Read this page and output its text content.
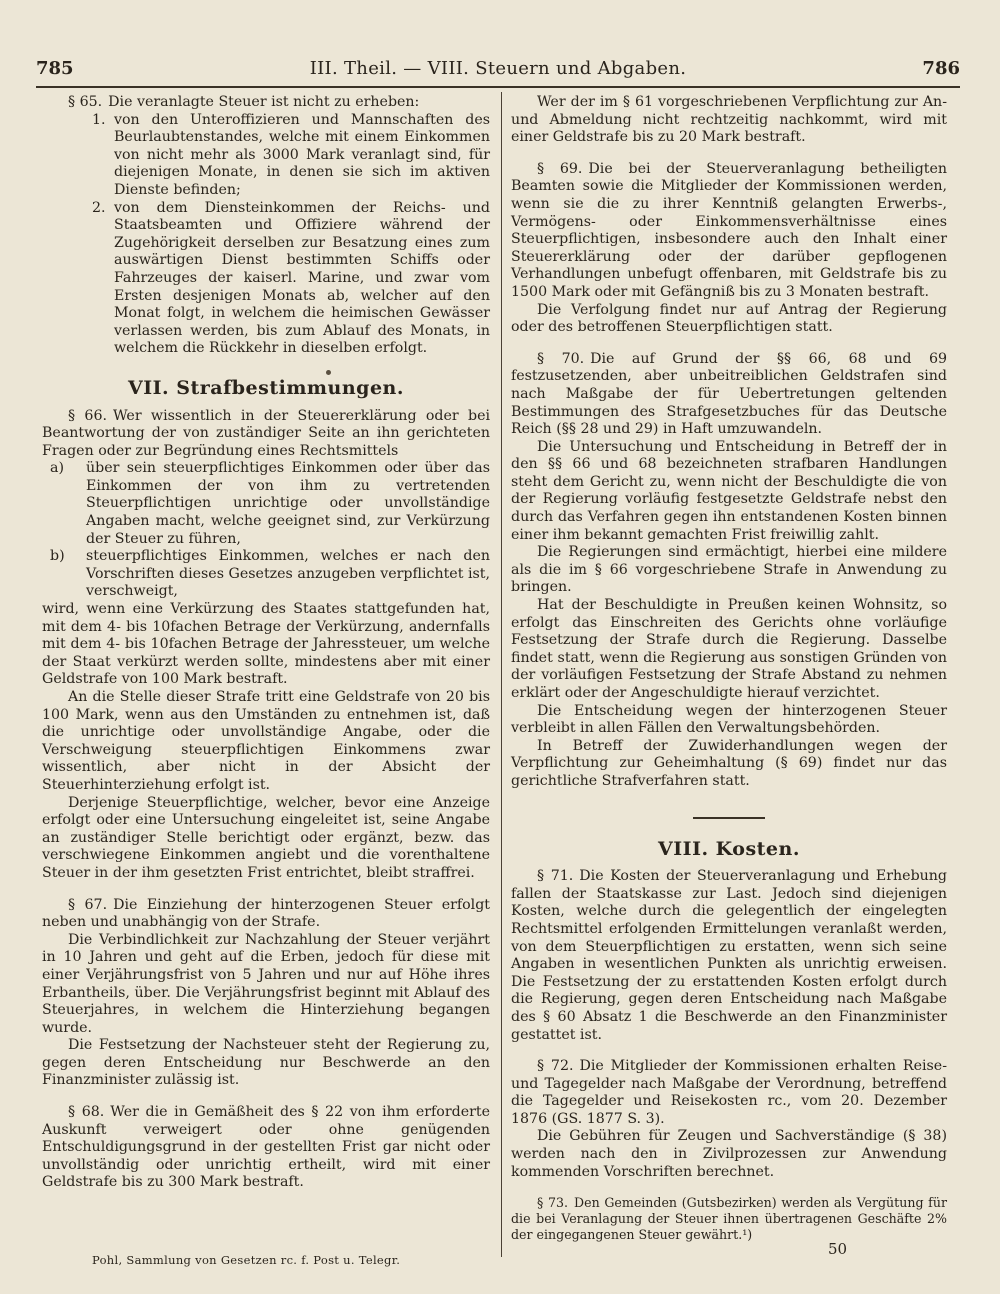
785	III. Theil. — VIII. Steuern und Abgaben.	786

§ 65. Die veranlagte Steuer ist nicht zu erheben:

1. von den Unteroffizieren und Mannschaften des Beurlaubtenstandes, welche mit einem Einkommen von nicht mehr als 3000 Mark veranlagt sind, für diejenigen Monate, in denen sie sich im aktiven Dienste befinden;
2. von dem Diensteinkommen der Reichs- und Staatsbeamten und Offiziere während der Zugehörigkeit derselben zur Besatzung eines zum auswärtigen Dienst bestimmten Schiffs oder Fahrzeuges der kaiserl. Marine, und zwar vom Ersten desjenigen Monats ab, welcher auf den Monat folgt, in welchem die heimischen Gewässer verlassen werden, bis zum Ablauf des Monats, in welchem die Rückkehr in dieselben erfolgt.
VII. Strafbestimmungen.

§ 66. Wer wissentlich in der Steuererklärung oder bei Beantwortung der von zuständiger Seite an ihn gerichteten Fragen oder zur Begründung eines Rechtsmittels

a)	über sein steuerpflichtiges Einkommen oder über das Einkommen der von ihm zu vertretenden Steuerpflichtigen unrichtige oder unvollständige Angaben macht, welche geeignet sind, zur Verkürzung der Steuer zu führen,
b)	steuerpflichtiges Einkommen, welches er nach den Vorschriften dieses Gesetzes anzugeben verpflichtet ist, verschweigt,

wird, wenn eine Verkürzung des Staates stattgefunden hat, mit dem 4- bis 10fachen Betrage der Verkürzung, andernfalls mit dem 4- bis 10fachen Betrage der Jahressteuer, um welche der Staat verkürzt werden sollte, mindestens aber mit einer Geldstrafe von 100 Mark bestraft.

An die Stelle dieser Strafe tritt eine Geldstrafe von 20 bis 100 Mark, wenn aus den Umständen zu entnehmen ist, daß die unrichtige oder unvollständige Angabe, oder die Verschweigung steuerpflichtigen Einkommens zwar wissentlich, aber nicht in der Absicht der Steuerhinterziehung erfolgt ist.

Derjenige Steuerpflichtige, welcher, bevor eine Anzeige erfolgt oder eine Untersuchung eingeleitet ist, seine Angabe an zuständiger Stelle berichtigt oder ergänzt, bezw. das verschwiegene Einkommen angiebt und die vorenthaltene Steuer in der ihm gesetzten Frist entrichtet, bleibt straffrei.

§ 67. Die Einziehung der hinterzogenen Steuer erfolgt neben und unabhängig von der Strafe.

Die Verbindlichkeit zur Nachzahlung der Steuer verjährt in 10 Jahren und geht auf die Erben, jedoch für diese mit einer Verjährungsfrist von 5 Jahren und nur auf Höhe ihres Erbantheils, über. Die Verjährungsfrist beginnt mit Ablauf des Steuerjahres, in welchem die Hinterziehung begangen wurde.

Die Festsetzung der Nachsteuer steht der Regierung zu, gegen deren Entscheidung nur Beschwerde an den Finanzminister zulässig ist.

§ 68. Wer die in Gemäßheit des § 22 von ihm erforderte Auskunft verweigert oder ohne genügenden Entschuldigungsgrund in der gestellten Frist gar nicht oder unvollständig oder unrichtig ertheilt, wird mit einer Geldstrafe bis zu 300 Mark bestraft.

Wer der im § 61 vorgeschriebenen Verpflichtung zur An- und Abmeldung nicht rechtzeitig nachkommt, wird mit einer Geldstrafe bis zu 20 Mark bestraft.

§ 69. Die bei der Steuerveranlagung betheiligten Beamten sowie die Mitglieder der Kommissionen werden, wenn sie die zu ihrer Kenntniß gelangten Erwerbs-, Vermögens- oder Einkommensverhältnisse eines Steuerpflichtigen, insbesondere auch den Inhalt einer Steuererklärung oder der darüber gepflogenen Verhandlungen unbefugt offenbaren, mit Geldstrafe bis zu 1500 Mark oder mit Gefängniß bis zu 3 Monaten bestraft.

Die Verfolgung findet nur auf Antrag der Regierung oder des betroffenen Steuerpflichtigen statt.

§ 70. Die auf Grund der §§ 66, 68 und 69 festzusetzenden, aber unbeitreiblichen Geldstrafen sind nach Maßgabe der für Uebertretungen geltenden Bestimmungen des Strafgesetzbuches für das Deutsche Reich (§§ 28 und 29) in Haft umzuwandeln.

Die Untersuchung und Entscheidung in Betreff der in den §§ 66 und 68 bezeichneten strafbaren Handlungen steht dem Gericht zu, wenn nicht der Beschuldigte die von der Regierung vorläufig festgesetzte Geldstrafe nebst den durch das Verfahren gegen ihn entstandenen Kosten binnen einer ihm bekannt gemachten Frist freiwillig zahlt.

Die Regierungen sind ermächtigt, hierbei eine mildere als die im § 66 vorgeschriebene Strafe in Anwendung zu bringen.

Hat der Beschuldigte in Preußen keinen Wohnsitz, so erfolgt das Einschreiten des Gerichts ohne vorläufige Festsetzung der Strafe durch die Regierung. Dasselbe findet statt, wenn die Regierung aus sonstigen Gründen von der vorläufigen Festsetzung der Strafe Abstand zu nehmen erklärt oder der Angeschuldigte hierauf verzichtet.

Die Entscheidung wegen der hinterzogenen Steuer verbleibt in allen Fällen den Verwaltungsbehörden.

In Betreff der Zuwiderhandlungen wegen der Verpflichtung zur Geheimhaltung (§ 69) findet nur das gerichtliche Strafverfahren statt.

VIII. Kosten.

§ 71. Die Kosten der Steuerveranlagung und Erhebung fallen der Staatskasse zur Last. Jedoch sind diejenigen Kosten, welche durch die gelegentlich der eingelegten Rechtsmittel erfolgenden Ermittelungen veranlaßt werden, von dem Steuerpflichtigen zu erstatten, wenn sich seine Angaben in wesentlichen Punkten als unrichtig erweisen. Die Festsetzung der zu erstattenden Kosten erfolgt durch die Regierung, gegen deren Entscheidung nach Maßgabe des § 60 Absatz 1 die Beschwerde an den Finanzminister gestattet ist.

§ 72. Die Mitglieder der Kommissionen erhalten Reise- und Tagegelder nach Maßgabe der Verordnung, betreffend die Tagegelder und Reisekosten rc., vom 20. Dezember 1876 (GS. 1877 S. 3).

Die Gebühren für Zeugen und Sachverständige (§ 38) werden nach den in Zivilprozessen zur Anwendung kommenden Vorschriften berechnet.

§ 73. Den Gemeinden (Gutsbezirken) werden als Vergütung für die bei Veranlagung der Steuer ihnen übertragenen Geschäfte 2% der eingegangenen Steuer gewährt.¹)

Pohl, Sammlung von Gesetzen rc. f. Post u. Telegr.
50
